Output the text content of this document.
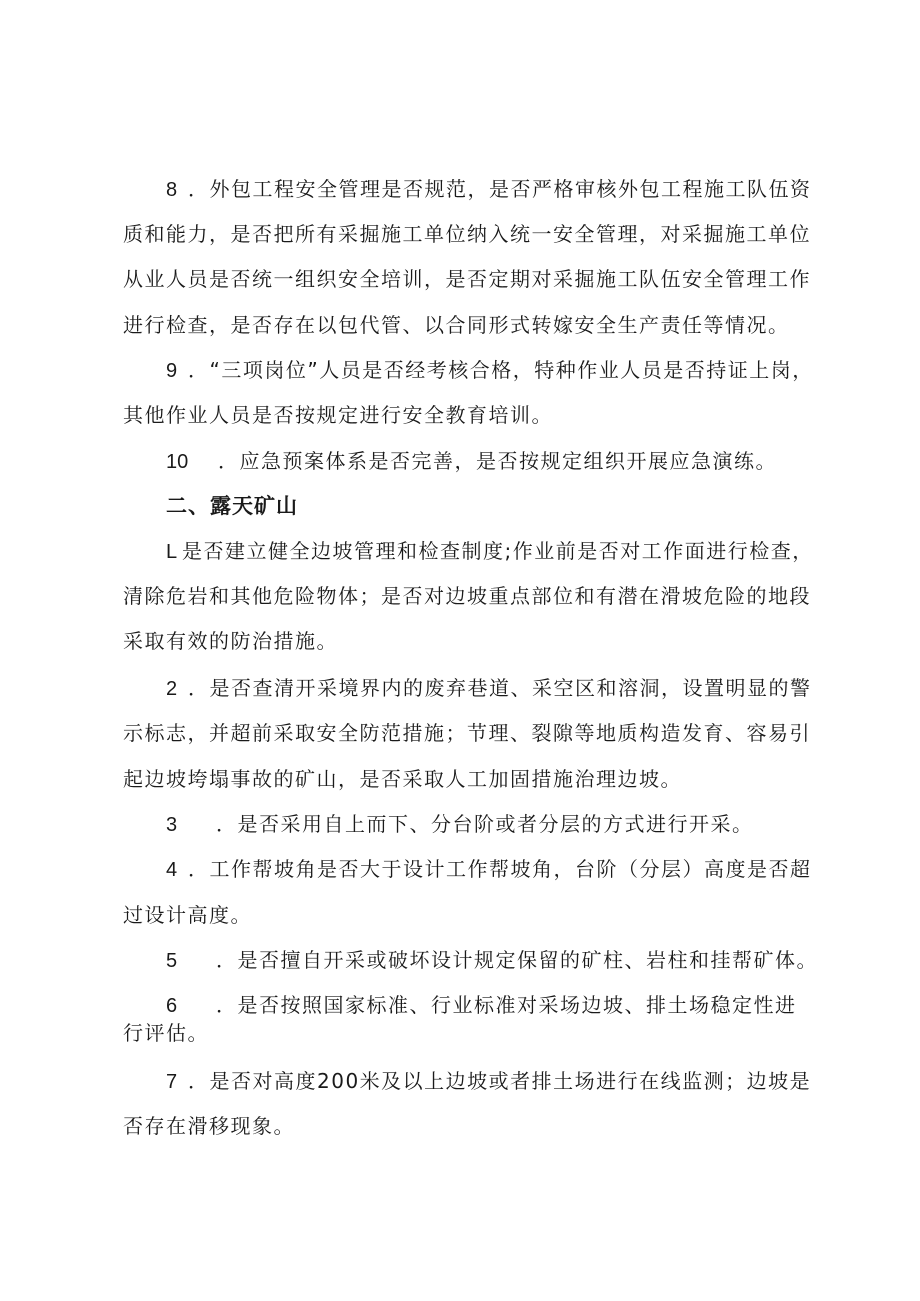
8 ．外包工程安全管理是否规范，是否严格审核外包工程施工队伍资
质和能力，是否把所有采掘施工单位纳入统一安全管理，对采掘施工单位
从业人员是否统一组织安全培训，是否定期对采掘施工队伍安全管理工作
进行检查，是否存在以包代管、以合同形式转嫁安全生产责任等情况。
9 ．“三项岗位”人员是否经考核合格，特种作业人员是否持证上岗，
其他作业人员是否按规定进行安全教育培训。
10 ．应急预案体系是否完善，是否按规定组织开展应急演练。
二、露天矿山
L 是否建立健全边坡管理和检查制度;作业前是否对工作面进行检查，
清除危岩和其他危险物体；是否对边坡重点部位和有潜在滑坡危险的地段
采取有效的防治措施。
2 ．是否查清开采境界内的废弃巷道、采空区和溶洞，设置明显的警
示标志，并超前采取安全防范措施；节理、裂隙等地质构造发育、容易引
起边坡垮塌事故的矿山，是否采取人工加固措施治理边坡。
3 ．是否采用自上而下、分台阶或者分层的方式进行开采。
4 ．工作帮坡角是否大于设计工作帮坡角，台阶（分层）高度是否超
过设计高度。
5 ．是否擅自开采或破坏设计规定保留的矿柱、岩柱和挂帮矿体。
6 ．是否按照国家标准、行业标准对采场边坡、排土场稳定性进
行评估。
7 ．是否对高度200米及以上边坡或者排土场进行在线监测；边坡是
否存在滑移现象。
